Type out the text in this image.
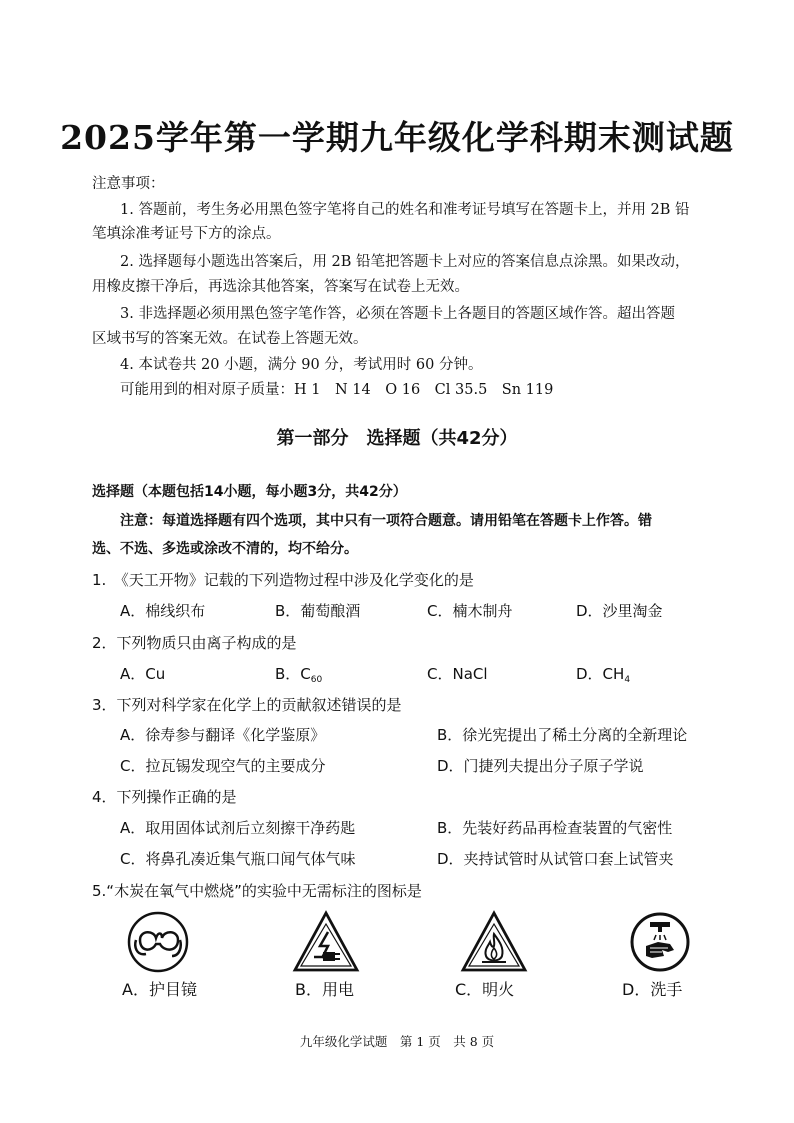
2025学年第一学期九年级化学科期末测试题
注意事项：
1. 答题前，考生务必用黑色签字笔将自己的姓名和准考证号填写在答题卡上，并用 2B 铅
笔填涂准考证号下方的涂点。
2. 选择题每小题选出答案后，用 2B 铅笔把答题卡上对应的答案信息点涂黑。如果改动，
用橡皮擦干净后，再选涂其他答案，答案写在试卷上无效。
3. 非选择题必须用黑色签字笔作答，必须在答题卡上各题目的答题区域作答。超出答题
区域书写的答案无效。在试卷上答题无效。
4. 本试卷共 20 小题，满分 90 分，考试用时 60 分钟。
可能用到的相对原子质量：H 1　N 14　O 16　Cl 35.5　Sn 119
第一部分　选择题（共42分）
选择题（本题包括14小题，每小题3分，共42分）
注意：每道选择题有四个选项，其中只有一项符合题意。请用铅笔在答题卡上作答。错
选、不选、多选或涂改不清的，均不给分。
1.　《天工开物》记载的下列造物过程中涉及化学变化的是
A．棉线织布	B．葡萄酿酒	C．楠木制舟	D．沙里淘金
2．下列物质只由离子构成的是
A．Cu	B．$C_{60}$	C．NaCl	D．$CH_4$
3．下列对科学家在化学上的贡献叙述错误的是
A．徐寿参与翻译《化学鉴原》	B．徐光宪提出了稀土分离的全新理论
C．拉瓦锡发现空气的主要成分	D．门捷列夫提出分子原子学说
4．下列操作正确的是
A．取用固体试剂后立刻擦干净药匙	B．先装好药品再检查装置的气密性
C．将鼻孔凑近集气瓶口闻气体气味	D．夹持试管时从试管口套上试管夹
5.“木炭在氧气中燃烧”的实验中无需标注的图标是
A．护目镜	B．用电	C．明火	D．洗手
九年级化学试题　第 1 页　共 8 页
